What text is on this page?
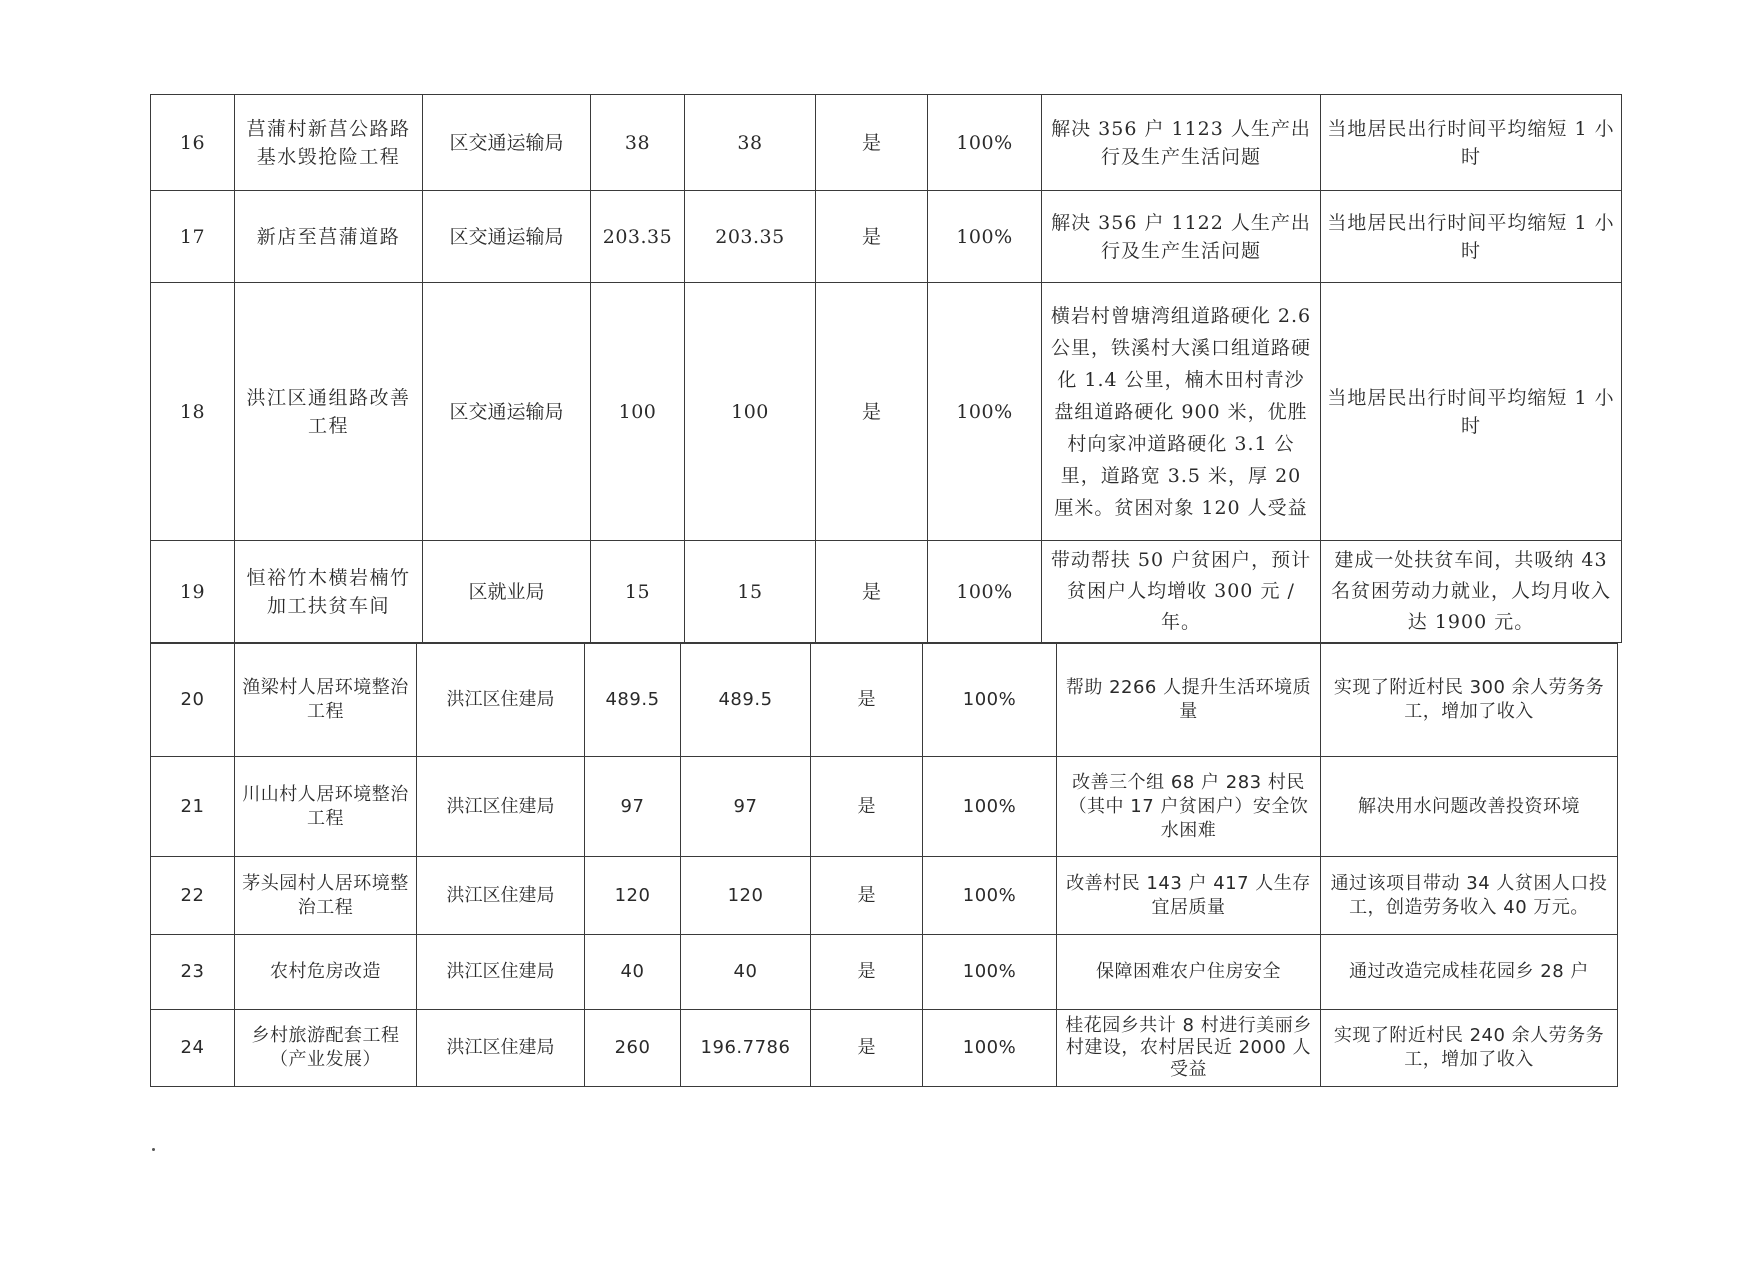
16	莒蒲村新莒公路路基水毁抢险工程	区交通运输局	38	38	是	100%	解决 356 户 1123 人生产出行及生产生活问题	当地居民出行时间平均缩短 1 小时
17	新店至莒蒲道路	区交通运输局	203.35	203.35	是	100%	解决 356 户 1122 人生产出行及生产生活问题	当地居民出行时间平均缩短 1 小时
18	洪江区通组路改善工程	区交通运输局	100	100	是	100%	横岩村曾塘湾组道路硬化 2.6 公里，铁溪村大溪口组道路硬化 1.4 公里，楠木田村青沙盘组道路硬化 900 米，优胜村向家冲道路硬化 3.1 公里，道路宽 3.5 米，厚 20 厘米。贫困对象 120 人受益	当地居民出行时间平均缩短 1 小时
19	恒裕竹木横岩楠竹加工扶贫车间	区就业局	15	15	是	100%	带动帮扶 50 户贫困户，预计贫困户人均增收 300 元 / 年。	建成一处扶贫车间，共吸纳 43 名贫困劳动力就业，人均月收入达 1900 元。
20	渔梁村人居环境整治工程	洪江区住建局	489.5	489.5	是	100%	帮助 2266 人提升生活环境质量	实现了附近村民 300 余人劳务务工，增加了收入
21	川山村人居环境整治工程	洪江区住建局	97	97	是	100%	改善三个组 68 户 283 村民（其中 17 户贫困户）安全饮水困难	解决用水问题改善投资环境
22	茅头园村人居环境整治工程	洪江区住建局	120	120	是	100%	改善村民 143 户 417 人生存宜居质量	通过该项目带动 34 人贫困人口投工，创造劳务收入 40 万元。
23	农村危房改造	洪江区住建局	40	40	是	100%	保障困难农户住房安全	通过改造完成桂花园乡 28 户
24	乡村旅游配套工程（产业发展）	洪江区住建局	260	196.7786	是	100%	桂花园乡共计 8 村进行美丽乡村建设，农村居民近 2000 人受益	实现了附近村民 240 余人劳务务工，增加了收入
